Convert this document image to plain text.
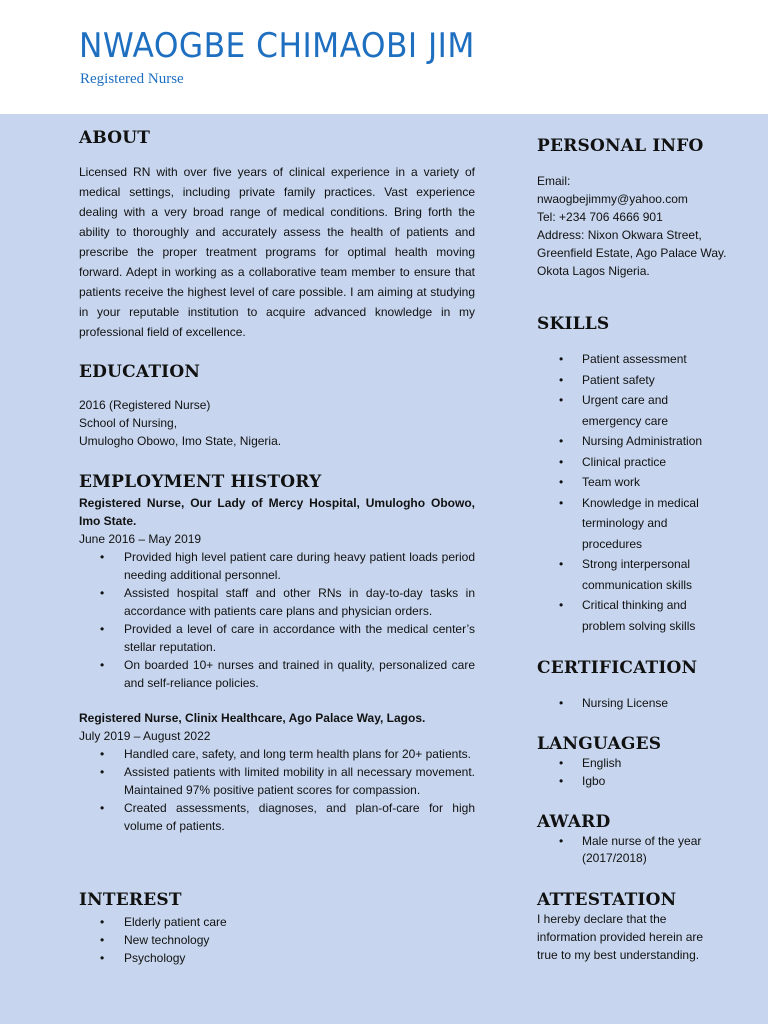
NWAOGBE CHIMAOBI JIM
Registered Nurse
ABOUT

Licensed RN with over five years of clinical experience in a variety of medical settings, including private family practices. Vast experience dealing with a very broad range of medical conditions. Bring forth the ability to thoroughly and accurately assess the health of patients and prescribe the proper treatment programs for optimal health moving forward. Adept in working as a collaborative team member to ensure that patients receive the highest level of care possible. I am aiming at studying in your reputable institution to acquire advanced knowledge in my professional field of excellence.

EDUCATION
2016 (Registered Nurse)
School of Nursing,
Umulogho Obowo, Imo State, Nigeria.
EMPLOYMENT HISTORY
Registered Nurse, Our Lady of Mercy Hospital, Umulogho Obowo, Imo State.
June 2016 – May 2019
• Provided high level patient care during heavy patient loads period needing additional personnel.
• Assisted hospital staff and other RNs in day-to-day tasks in accordance with patients care plans and physician orders.
• Provided a level of care in accordance with the medical center’s stellar reputation.
• On boarded 10+ nurses and trained in quality, personalized care and self-reliance policies.
Registered Nurse, Clinix Healthcare, Ago Palace Way, Lagos.
July 2019 – August 2022
• Handled care, safety, and long term health plans for 20+ patients.
• Assisted patients with limited mobility in all necessary movement. Maintained 97% positive patient scores for compassion.
• Created assessments, diagnoses, and plan-of-care for high volume of patients.
INTEREST
• Elderly patient care
• New technology
• Psychology
PERSONAL INFO
Email:
nwaogbejimmy@yahoo.com
Tel: +234 706 4666 901
Address: Nixon Okwara Street, Greenfield Estate, Ago Palace Way. Okota Lagos Nigeria.
SKILLS
• Patient assessment
• Patient safety
• Urgent care and emergency care
• Nursing Administration
• Clinical practice
• Team work
• Knowledge in medical terminology and procedures
• Strong interpersonal communication skills
• Critical thinking and problem solving skills
CERTIFICATION
• Nursing License
LANGUAGES
• English
• Igbo
AWARD
• Male nurse of the year (2017/2018)
ATTESTATION
I hereby declare that the information provided herein are true to my best understanding.
